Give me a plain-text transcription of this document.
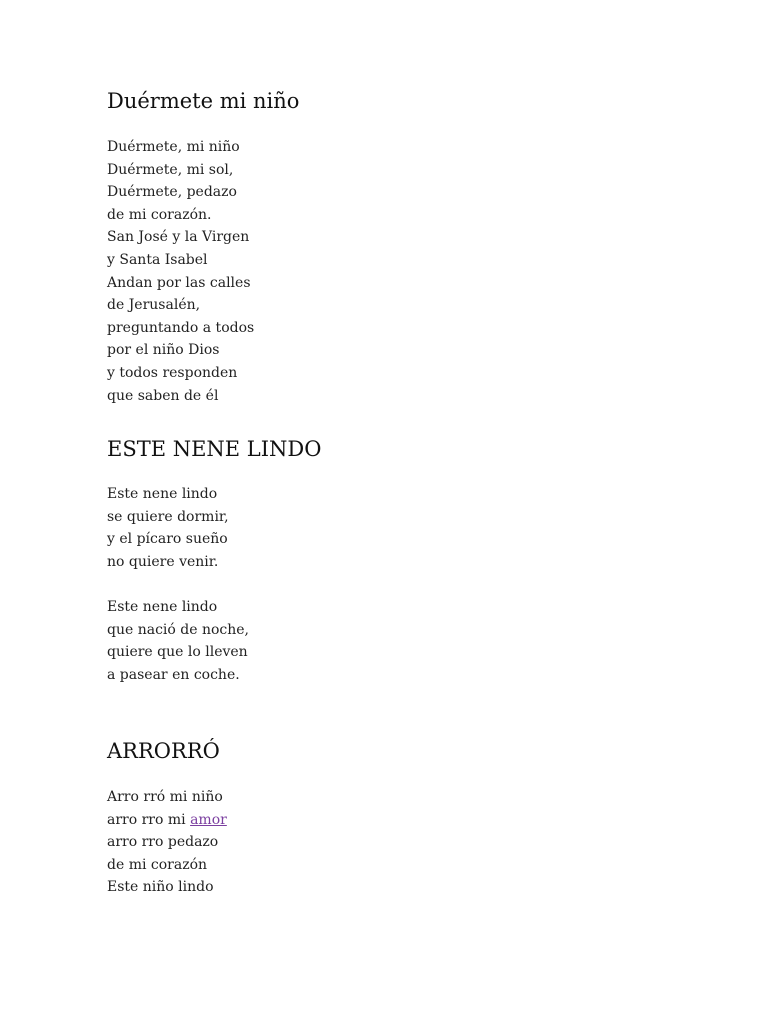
Duérmete mi niño
Duérmete, mi niño
Duérmete, mi sol,
Duérmete, pedazo
de mi corazón.
San José y la Virgen
y Santa Isabel
Andan por las calles
de Jerusalén,
preguntando a todos
por el niño Dios
y todos responden
que saben de él
ESTE NENE LINDO
Este nene lindo
se quiere dormir,
y el pícaro sueño
no quiere venir.
Este nene lindo
que nació de noche,
quiere que lo lleven
a pasear en coche.
ARRORRÓ
Arro rró mi niño
arro rro mi amor
arro rro pedazo
de mi corazón
Este niño lindo
